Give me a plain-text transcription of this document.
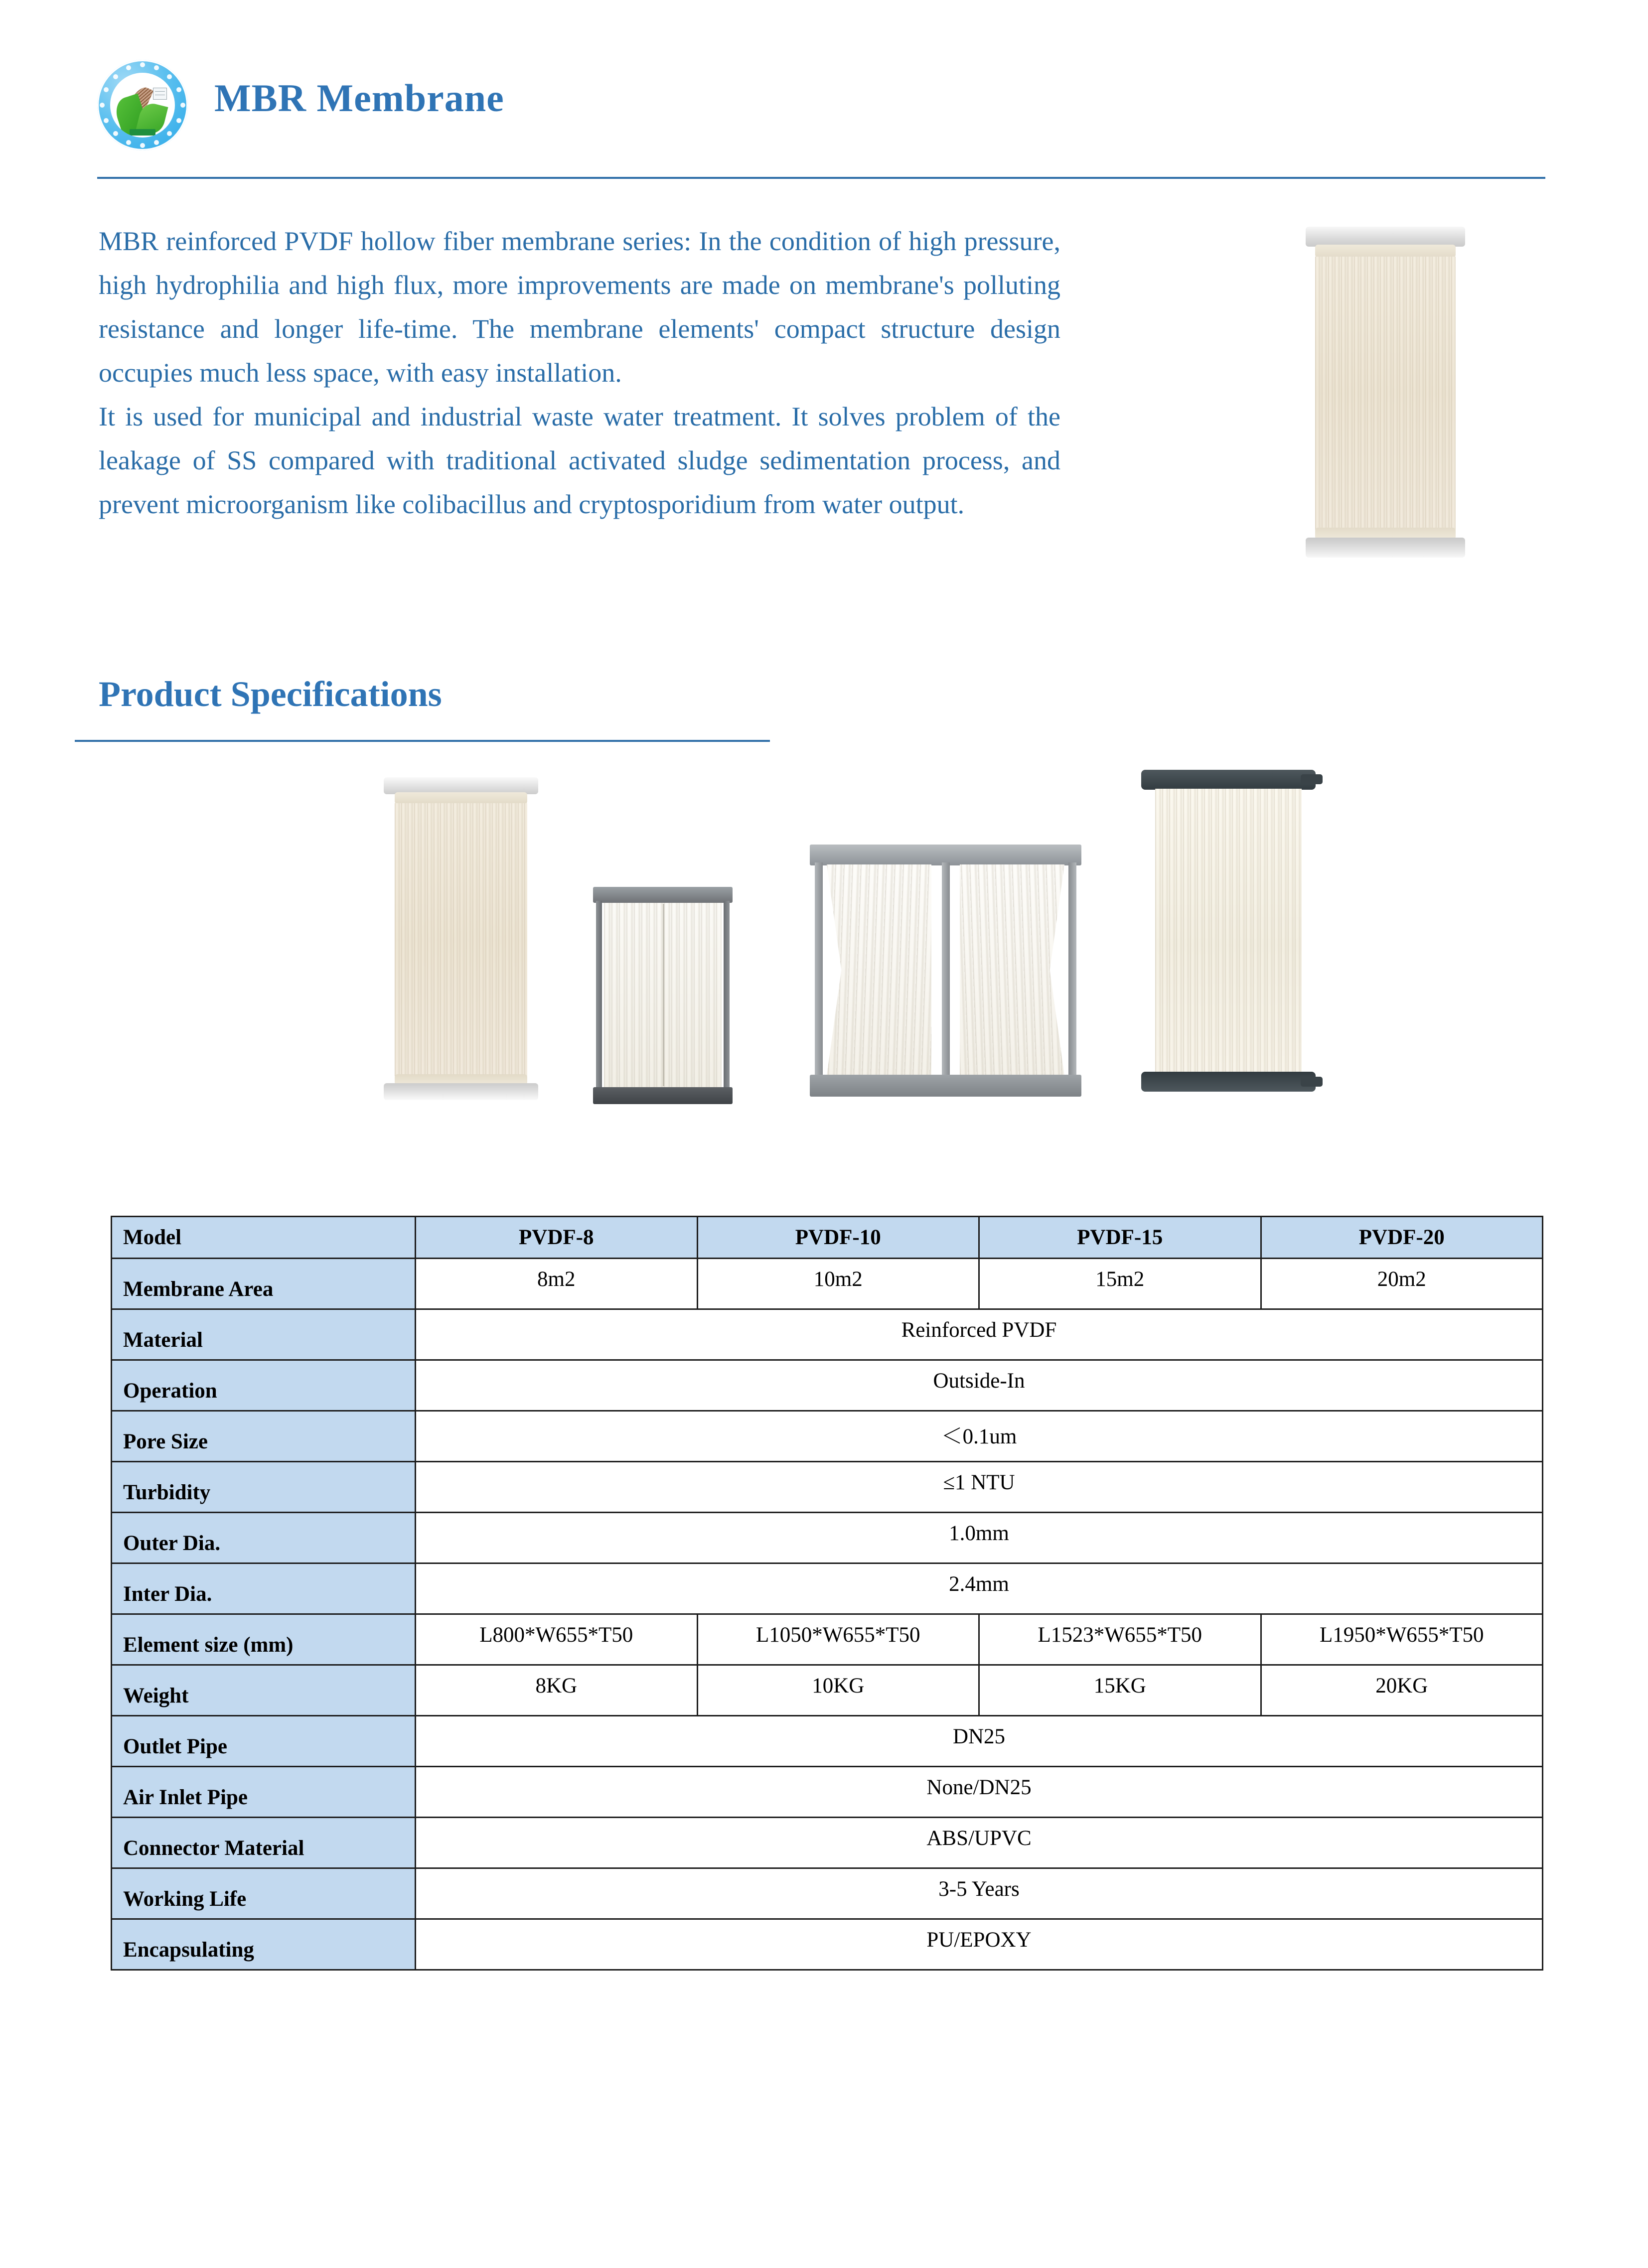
MBR Membrane

MBR reinforced PVDF hollow fiber membrane series: In the condition of high pressure, high hydrophilia and high flux, more improvements are made on membrane's polluting resistance and longer life-time. The membrane elements' compact structure design occupies much less space, with easy installation.

It is used for municipal and industrial waste water treatment. It solves problem of the leakage of SS compared with traditional activated sludge sedimentation process, and prevent microorganism like colibacillus and cryptosporidium from water output.

Product Specifications
Model	PVDF-8	PVDF-10	PVDF-15	PVDF-20
Membrane Area	8m2	10m2	15m2	20m2
Material	Reinforced PVDF			
Operation	Outside-In			
Pore Size	＜0.1um			
Turbidity	≤1 NTU			
Outer Dia.	1.0mm			
Inter Dia.	2.4mm			
Element size (mm)	L800*W655*T50	L1050*W655*T50	L1523*W655*T50	L1950*W655*T50
Weight	8KG	10KG	15KG	20KG
Outlet Pipe	DN25			
Air Inlet Pipe	None/DN25			
Connector Material	ABS/UPVC			
Working Life	3-5 Years			
Encapsulating	PU/EPOXY			
